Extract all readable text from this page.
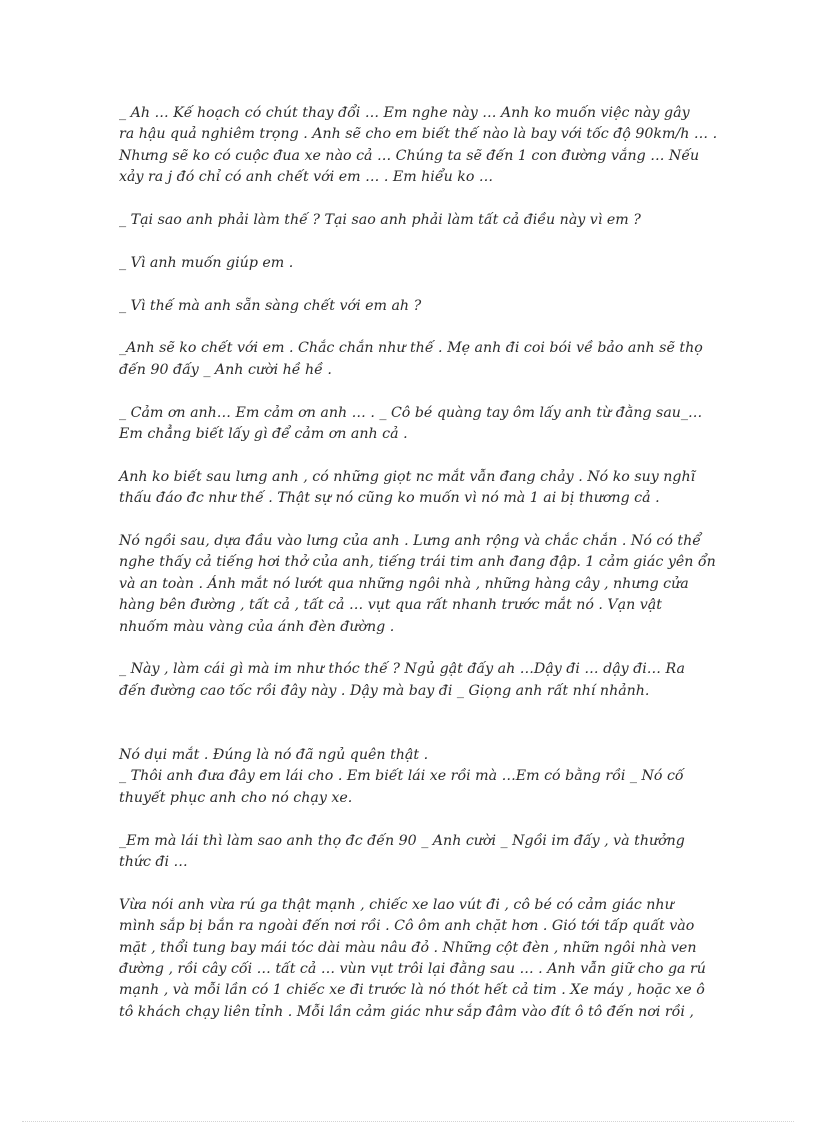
_ Ah … Kế hoạch có chút thay đổi … Em nghe này … Anh ko muốn việc này gây
ra hậu quả nghiêm trọng . Anh sẽ cho em biết thế nào là bay với tốc độ 90km/h … .
Nhưng sẽ ko có cuộc đua xe nào cả … Chúng ta sẽ đến 1 con đường vắng … Nếu
xảy ra j đó chỉ có anh chết với em … . Em hiểu ko …

_ Tại sao anh phải làm thế ? Tại sao anh phải làm tất cả điều này vì em ?

_ Vì anh muốn giúp em .

_ Vì thế mà anh sẵn sàng chết với em ah ?

_Anh sẽ ko chết với em . Chắc chắn như thế . Mẹ anh đi coi bói về bảo anh sẽ thọ
đến 90 đấy _ Anh cười hề hề .

_ Cảm ơn anh… Em cảm ơn anh … . _ Cô bé quàng tay ôm lấy anh từ đằng sau_…
Em chẳng biết lấy gì để cảm ơn anh cả .

Anh ko biết sau lưng anh , có những giọt nc mắt vẫn đang chảy . Nó ko suy nghĩ
thấu đáo đc như thế . Thật sự nó cũng ko muốn vì nó mà 1 ai bị thương cả .

Nó ngồi sau, dựa đầu vào lưng của anh . Lưng anh rộng và chắc chắn . Nó có thể
nghe thấy cả tiếng hơi thở của anh, tiếng trái tim anh đang đập. 1 cảm giác yên ổn
và an toàn . Ánh mắt nó lướt qua những ngôi nhà , những hàng cây , nhưng cửa
hàng bên đường , tất cả , tất cả … vụt qua rất nhanh trước mắt nó . Vạn vật
nhuốm màu vàng của ánh đèn đường .

_ Này , làm cái gì mà im như thóc thế ? Ngủ gật đấy ah …Dậy đi … dậy đi… Ra
đến đường cao tốc rồi đây này . Dậy mà bay đi _ Giọng anh rất nhí nhảnh.

Nó dụi mắt . Đúng là nó đã ngủ quên thật .

_ Thôi anh đưa đây em lái cho . Em biết lái xe rồi mà …Em có bằng rồi _ Nó cố
thuyết phục anh cho nó chạy xe.

_Em mà lái thì làm sao anh thọ đc đến 90 _ Anh cười _ Ngồi im đấy , và thưởng
thức đi …

Vừa nói anh vừa rú ga thật mạnh , chiếc xe lao vút đi , cô bé có cảm giác như
mình sắp bị bắn ra ngoài đến nơi rồi . Cô ôm anh chặt hơn . Gió tới tấp quất vào
mặt , thổi tung bay mái tóc dài màu nâu đỏ . Những cột đèn , nhữn ngôi nhà ven
đường , rồi cây cối … tất cả … vùn vụt trôi lại đằng sau … . Anh vẫn giữ cho ga rú
mạnh , và mỗi lần có 1 chiếc xe đi trước là nó thót hết cả tim . Xe máy , hoặc xe ô
tô khách chạy liên tỉnh . Mỗi lần cảm giác như sắp đâm vào đít ô tô đến nơi rồi ,
